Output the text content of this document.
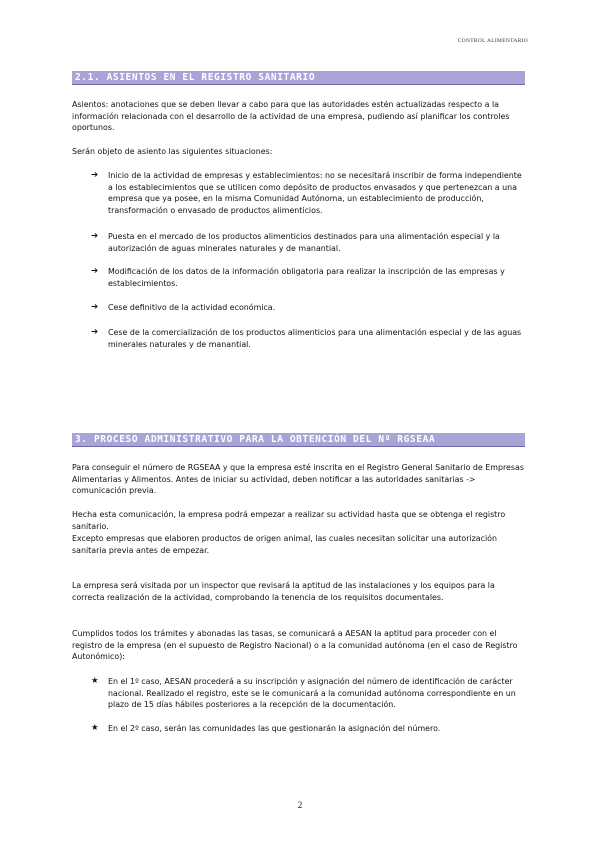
CONTROL ALIMENTARIO
2.1. ASIENTOS EN EL REGISTRO SANITARIO
Asientos: anotaciones que se deben llevar a cabo para que las autoridades estén actualizadas respecto a la información relacionada con el desarrollo de la actividad de una empresa, pudiendo así planificar los controles oportunos.
Serán objeto de asiento las siguientes situaciones:
➔ Inicio de la actividad de empresas y establecimientos: no se necesitará inscribir de forma independiente a los establecimientos que se utilicen como depósito de productos envasados y que pertenezcan a una empresa que ya posee, en la misma Comunidad Autónoma, un establecimiento de producción, transformación o envasado de productos alimenticios.
➔ Puesta en el mercado de los productos alimenticios destinados para una alimentación especial y la autorización de aguas minerales naturales y de manantial.
➔ Modificación de los datos de la información obligatoria para realizar la inscripción de las empresas y establecimientos.
➔ Cese definitivo de la actividad económica.
➔ Cese de la comercialización de los productos alimenticios para una alimentación especial y de las aguas minerales naturales y de manantial.
3. PROCESO ADMINISTRATIVO PARA LA OBTENCIÓN DEL Nº RGSEAA
Para conseguir el número de RGSEAA y que la empresa esté inscrita en el Registro General Sanitario de Empresas Alimentarias y Alimentos. Antes de iniciar su actividad, deben notificar a las autoridades sanitarias -> comunicación previa.
Hecha esta comunicación, la empresa podrá empezar a realizar su actividad hasta que se obtenga el registro sanitario.
Excepto empresas que elaboren productos de origen animal, las cuales necesitan solicitar una autorización sanitaria previa antes de empezar.
La empresa será visitada por un inspector que revisará la aptitud de las instalaciones y los equipos para la correcta realización de la actividad, comprobando la tenencia de los requisitos documentales.
Cumplidos todos los trámites y abonadas las tasas, se comunicará a AESAN la aptitud para proceder con el registro de la empresa (en el supuesto de Registro Nacional) o a la comunidad autónoma (en el caso de Registro Autonómico):
★ En el 1º caso, AESAN procederá a su inscripción y asignación del número de identificación de carácter nacional. Realizado el registro, este se le comunicará a la comunidad autónoma correspondiente en un plazo de 15 días hábiles posteriores a la recepción de la documentación.
★ En el 2º caso, serán las comunidades las que gestionarán la asignación del número.
2
